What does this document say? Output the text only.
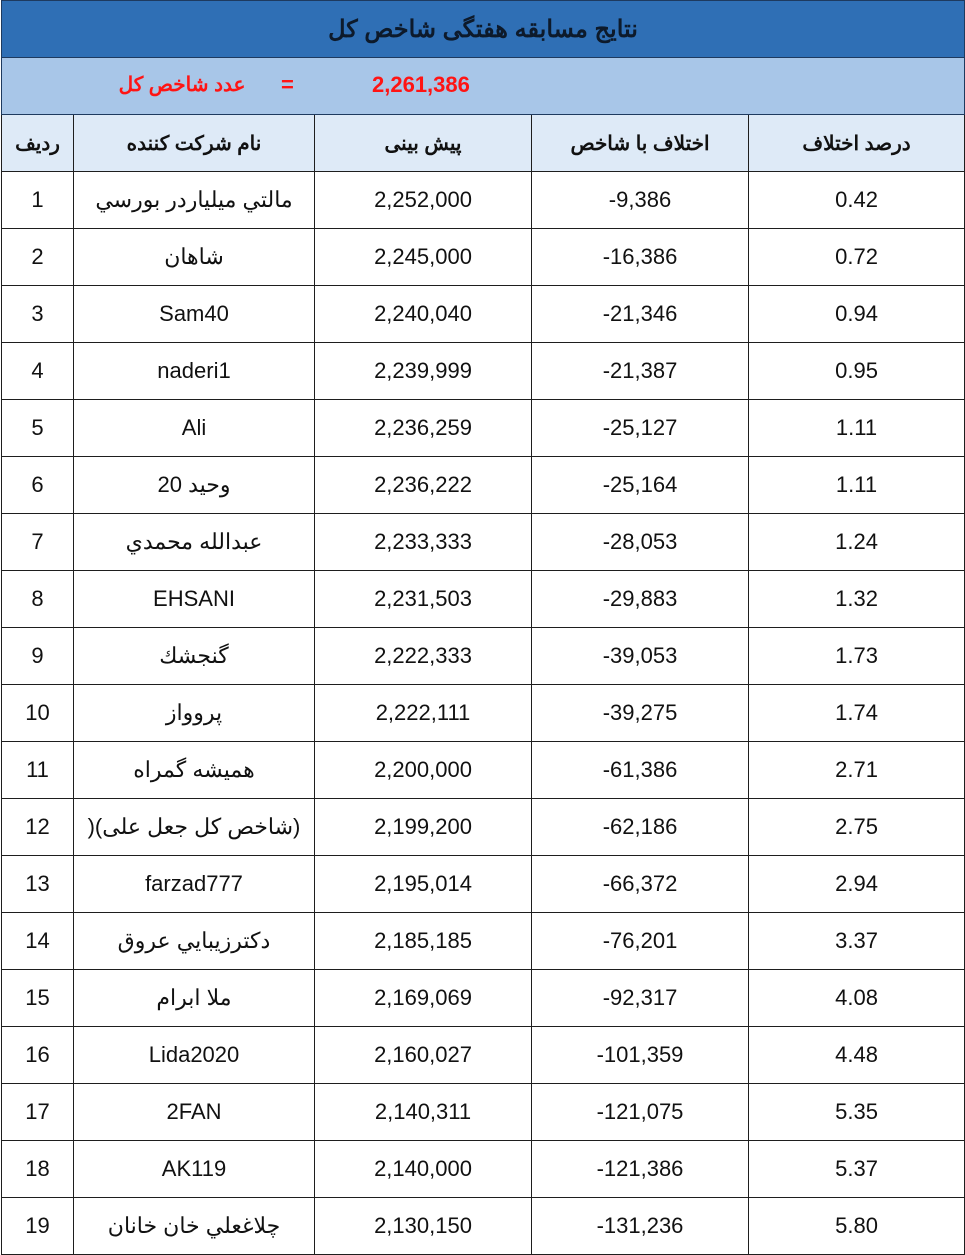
نتایج مسابقه هفتگی شاخص کل				

عدد شاخص کل = 2,261,386				

ردیف	نام شرکت کننده	پیش بینی	اختلاف با شاخص	درصد اختلاف
1	مالتي ميلياردر بورسي	2,252,000	-9,386	0.42
2	شاهان	2,245,000	-16,386	0.72
3	Sam40	2,240,040	-21,346	0.94
4	naderi1	2,239,999	-21,387	0.95
5	Ali	2,236,259	-25,127	1.11
6	وحيد 20	2,236,222	-25,164	1.11
7	عبدالله محمدي	2,233,333	-28,053	1.24
8	EHSANI	2,231,503	-29,883	1.32
9	گنجشك	2,222,333	-39,053	1.73
10	پرو‌واز	2,222,111	-39,275	1.74
11	هميشه گمراه	2,200,000	-61,386	2.71
12	(شاخص كل جعل على)(	2,199,200	-62,186	2.75
13	farzad777	2,195,014	-66,372	2.94
14	دكترزيبايي عروق	2,185,185	-76,201	3.37
15	ملا ابرام	2,169,069	-92,317	4.08
16	Lida2020	2,160,027	-101,359	4.48
17	2FAN	2,140,311	-121,075	5.35
18	AK119	2,140,000	-121,386	5.37
19	چلاغعلي خان خانان	2,130,150	-131,236	5.80
